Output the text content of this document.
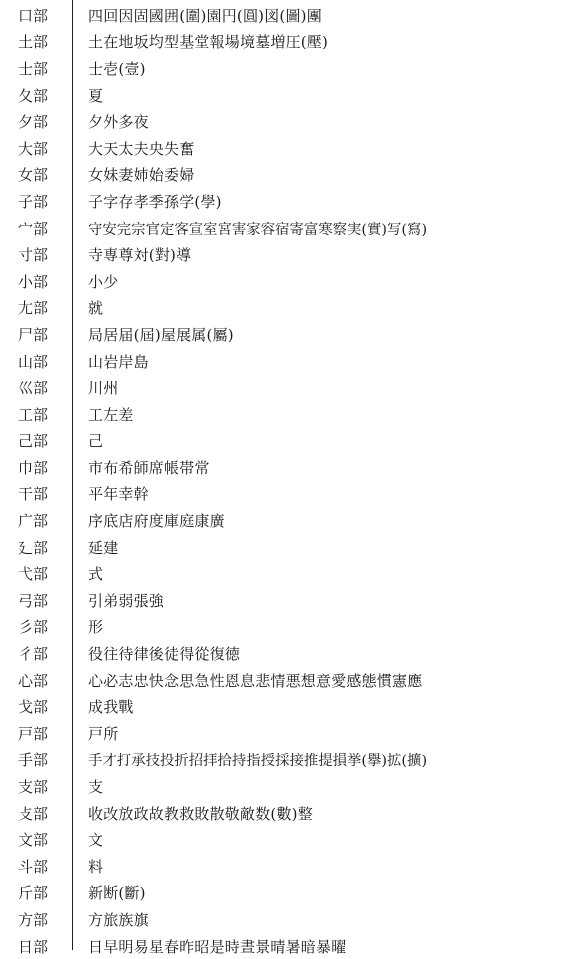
口部	四回因固國囲(圍)園円(圓)図(圖)團
土部	土在地坂均型基堂報場境墓増圧(壓)
士部	士壱(壹)
夂部	夏
夕部	夕外多夜
大部	大天太夫央失奮
女部	女妹妻姉始委婦
子部	子字存孝季孫学(學)
宀部	守安完宗官定客宣室宮害家容宿寄富寒察実(實)写(寫)
寸部	寺専尊対(對)導
小部	小少
尢部	就
尸部	局居届(屆)屋展属(屬)
山部	山岩岸島
巛部	川州
工部	工左差
己部	己
巾部	市布希師席帳帯常
干部	平年幸幹
广部	序底店府度庫庭康廣
廴部	延建
弋部	式
弓部	引弟弱張強
彡部	形
彳部	役往待律後徒得從復徳
心部	心必志忠快念思急性恩息悲情悪想意愛感態慣憲應
戈部	成我戰
戸部	戸所
手部	手才打承技投折招拝拾持指授採接推提損挙(擧)拡(擴)
支部	支
攴部	收改放政故教救敗散敬敵数(數)整
文部	文
斗部	料
斤部	新断(斷)
方部	方旅族旗
日部	日早明易星春昨昭是時晝景晴暑暗暴曜
